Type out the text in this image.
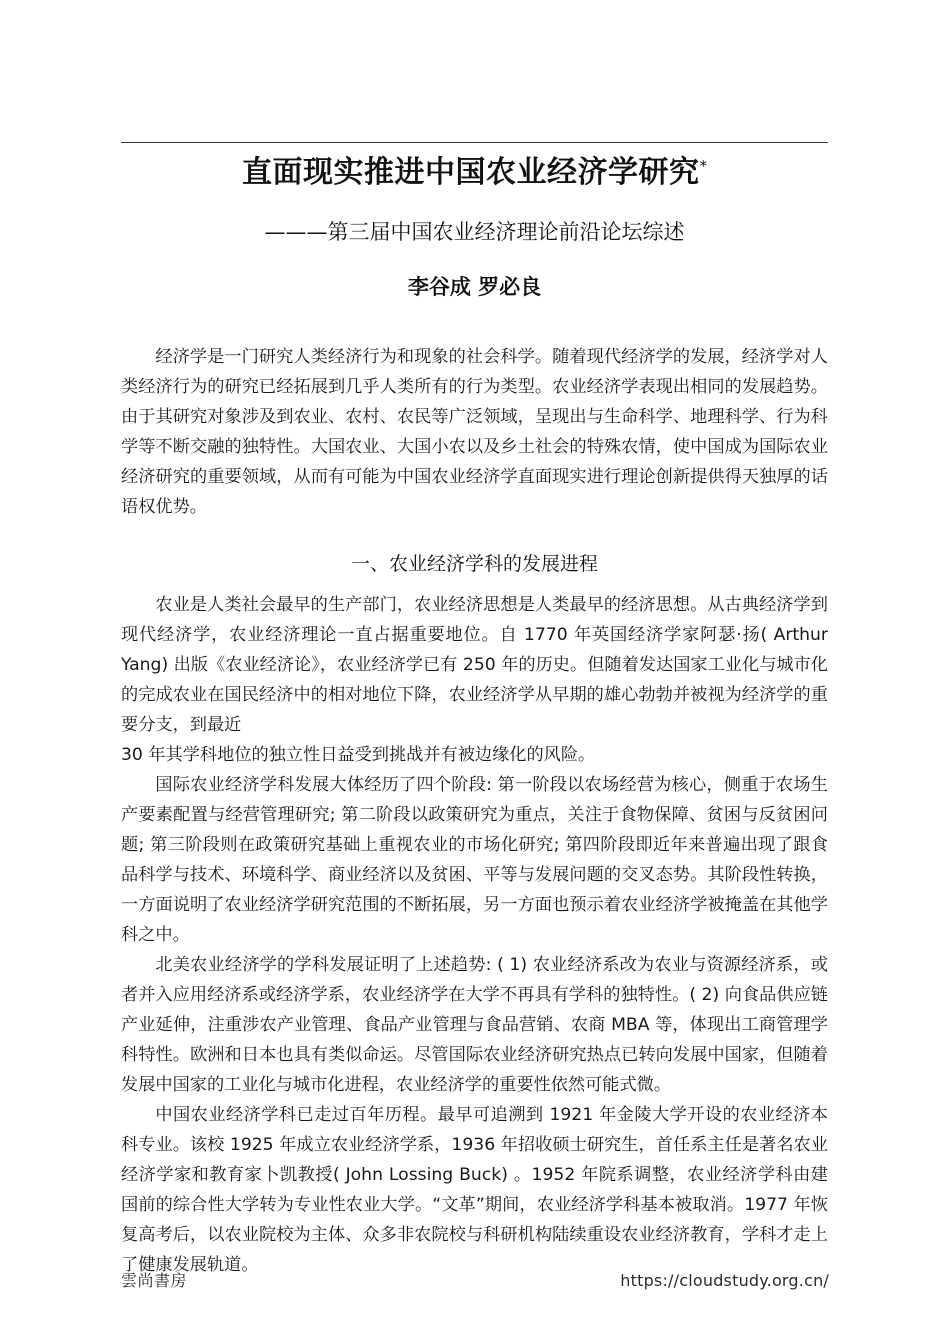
直面现实推进中国农业经济学研究*
———第三届中国农业经济理论前沿论坛综述
李谷成 罗必良

经济学是一门研究人类经济行为和现象的社会科学。随着现代经济学的发展，经济学对人类经济行为的研究已经拓展到几乎人类所有的行为类型。农业经济学表现出相同的发展趋势。由于其研究对象涉及到农业、农村、农民等广泛领域，呈现出与生命科学、地理科学、行为科学等不断交融的独特性。大国农业、大国小农以及乡土社会的特殊农情，使中国成为国际农业经济研究的重要领域，从而有可能为中国农业经济学直面现实进行理论创新提供得天独厚的话语权优势。

一、农业经济学科的发展进程

农业是人类社会最早的生产部门，农业经济思想是人类最早的经济思想。从古典经济学到现代经济学，农业经济理论一直占据重要地位。自 1770 年英国经济学家阿瑟·扬( Arthur Yang) 出版《农业经济论》，农业经济学已有 250 年的历史。但随着发达国家工业化与城市化的完成农业在国民经济中的相对地位下降，农业经济学从早期的雄心勃勃并被视为经济学的重要分支，到最近

30 年其学科地位的独立性日益受到挑战并有被边缘化的风险。

国际农业经济学科发展大体经历了四个阶段: 第一阶段以农场经营为核心，侧重于农场生产要素配置与经营管理研究; 第二阶段以政策研究为重点，关注于食物保障、贫困与反贫困问题; 第三阶段则在政策研究基础上重视农业的市场化研究; 第四阶段即近年来普遍出现了跟食品科学与技术、环境科学、商业经济以及贫困、平等与发展问题的交叉态势。其阶段性转换，一方面说明了农业经济学研究范围的不断拓展，另一方面也预示着农业经济学被掩盖在其他学科之中。

北美农业经济学的学科发展证明了上述趋势: ( 1) 农业经济系改为农业与资源经济系，或者并入应用经济系或经济学系，农业经济学在大学不再具有学科的独特性。( 2) 向食品供应链产业延伸，注重涉农产业管理、食品产业管理与食品营销、农商 MBA 等，体现出工商管理学科特性。欧洲和日本也具有类似命运。尽管国际农业经济研究热点已转向发展中国家，但随着发展中国家的工业化与城市化进程，农业经济学的重要性依然可能式微。

中国农业经济学科已走过百年历程。最早可追溯到 1921 年金陵大学开设的农业经济本科专业。该校 1925 年成立农业经济学系，1936 年招收硕士研究生，首任系主任是著名农业经济学家和教育家卜凯教授( John Lossing Buck) 。1952 年院系调整，农业经济学科由建国前的综合性大学转为专业性农业大学。“文革”期间，农业经济学科基本被取消。1977 年恢复高考后，以农业院校为主体、众多非农院校与科研机构陆续重设农业经济教育，学科才走上了健康发展轨道。

雲尚書房	https://cloudstudy.org.cn/
